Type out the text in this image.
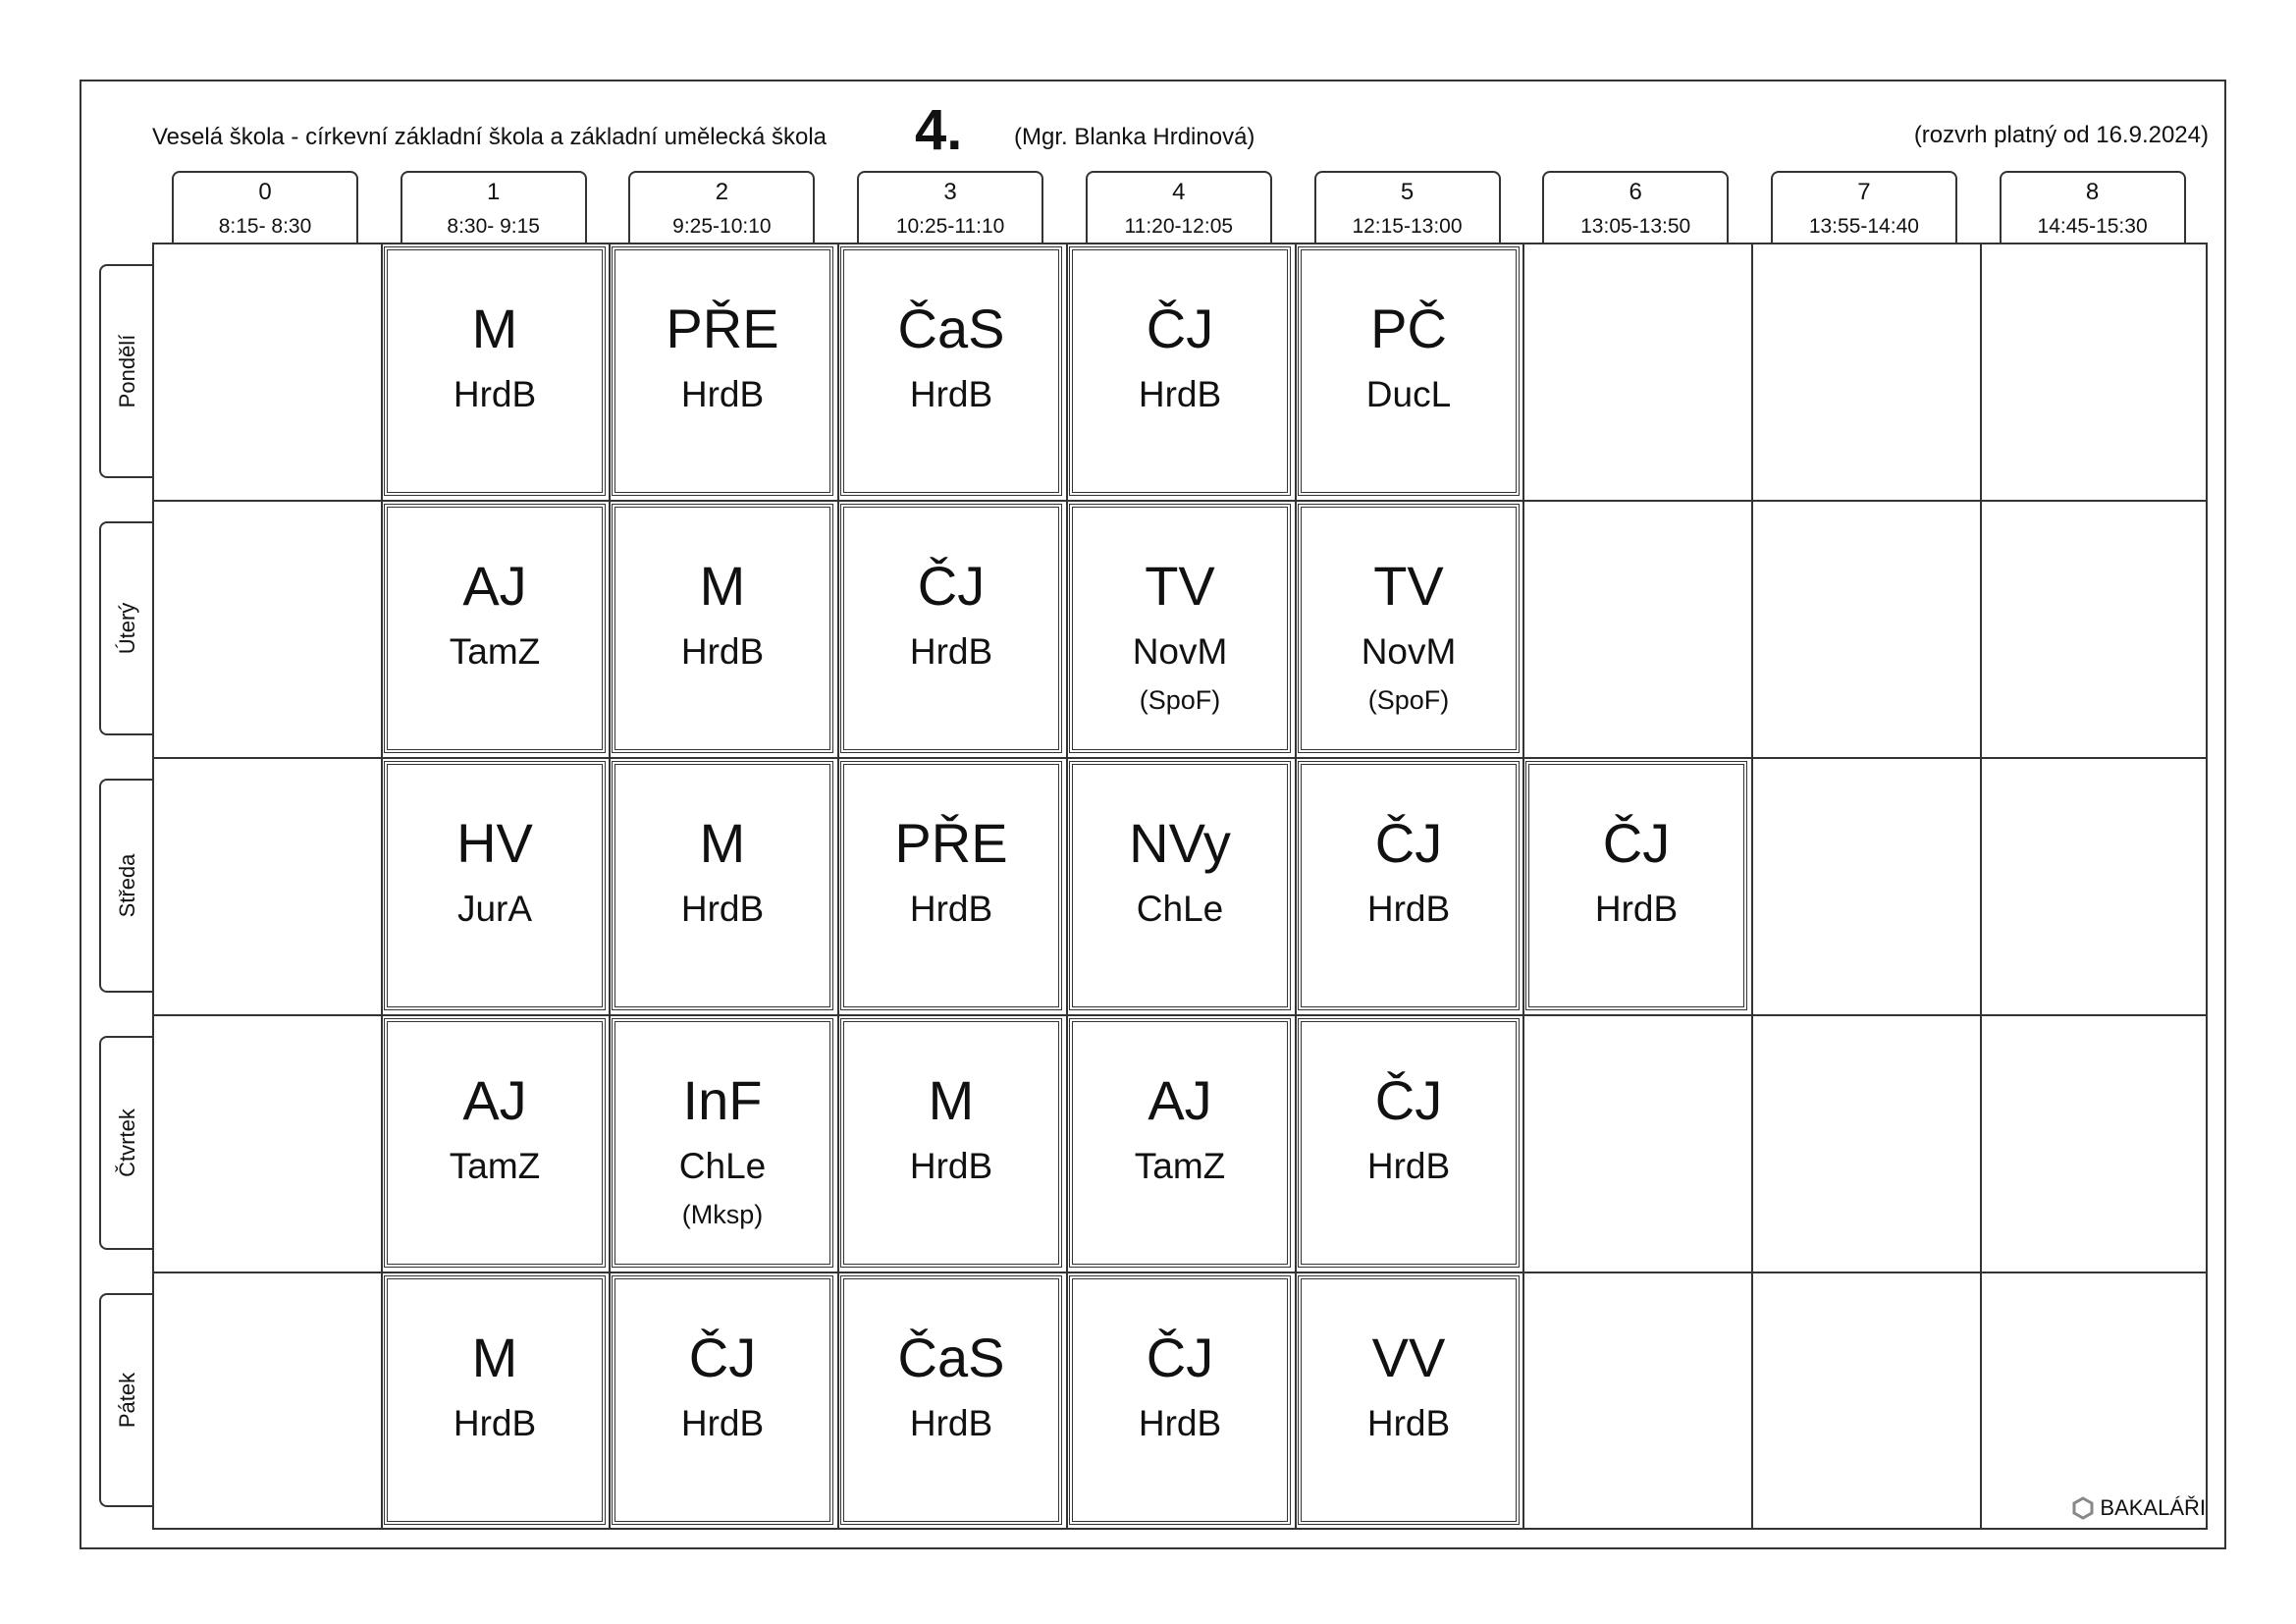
Veselá škola - církevní základní škola a základní umělecká škola 4. (Mgr. Blanka Hrdinová)	(rozvrh platný od 16.9.2024)
0
8:15- 8:30
1
8:30- 9:15
2
9:25-10:10
3
10:25-11:10
4
11:20-12:05
5
12:15-13:00
6
13:05-13:50
7
13:55-14:40
8
14:45-15:30
Pondělí
Úterý
Středa
Čtvrtek
Pátek
M
HrdB
PŘE
HrdB
ČaS
HrdB
ČJ
HrdB
PČ
DucL
AJ
TamZ
M
HrdB
ČJ
HrdB
TV
NovM
(SpoF)
TV
NovM
(SpoF)
HV
JurA
M
HrdB
PŘE
HrdB
NVy
ChLe
ČJ
HrdB
ČJ
HrdB
AJ
TamZ
InF
ChLe
(Mksp)
M
HrdB
AJ
TamZ
ČJ
HrdB
M
HrdB
ČJ
HrdB
ČaS
HrdB
ČJ
HrdB
VV
HrdB
BAKALÁŘI
